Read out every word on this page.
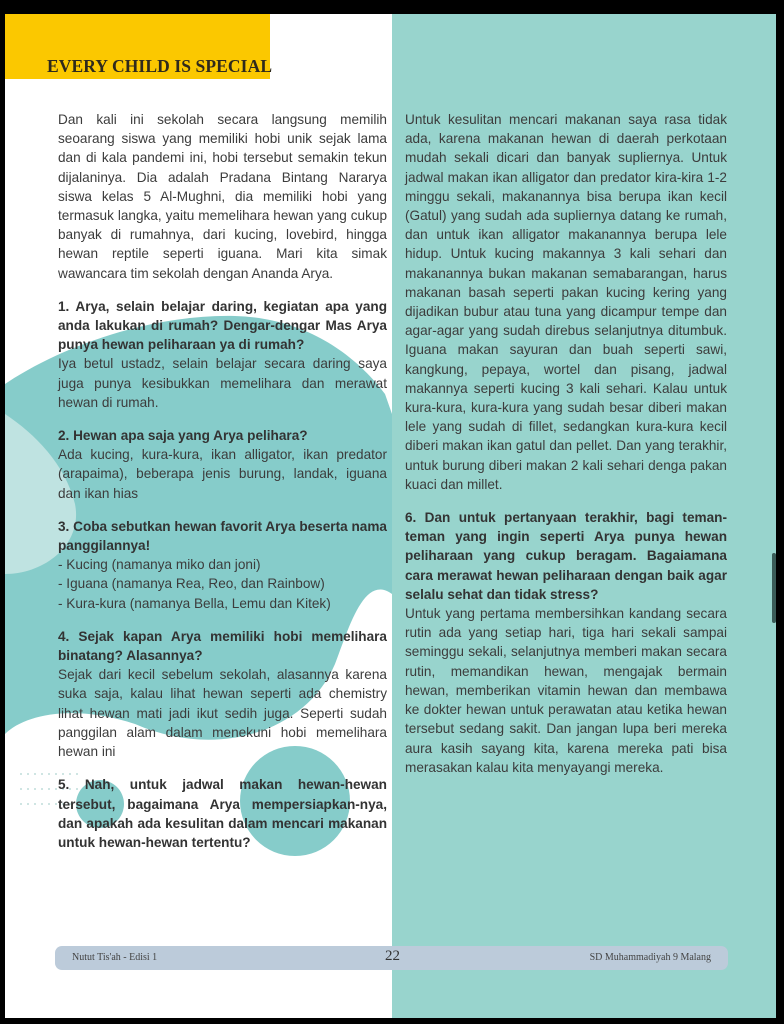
EVERY CHILD IS SPECIAL

Dan kali ini sekolah secara langsung memilih seoarang siswa yang memiliki hobi unik sejak lama dan di kala pandemi ini, hobi tersebut semakin tekun dijalaninya. Dia adalah Pradana Bintang Nararya siswa kelas 5 Al-Mughni, dia memiliki hobi yang termasuk langka, yaitu memelihara hewan yang cukup banyak di rumahnya, dari kucing, lovebird, hingga hewan reptile seperti iguana. Mari kita simak wawancara tim sekolah dengan Ananda Arya.

1. Arya, selain belajar daring, kegiatan apa yang anda lakukan di rumah? Dengar-dengar Mas Arya punya hewan peliharaan ya di rumah?

Iya betul ustadz, selain belajar secara daring saya juga punya kesibukkan memelihara dan merawat hewan di rumah.

2. Hewan apa saja yang Arya pelihara?

Ada kucing, kura-kura, ikan alligator, ikan predator (arapaima), beberapa jenis burung, landak, iguana dan ikan hias

3. Coba sebutkan hewan favorit Arya beserta nama panggilannya!

- Kucing (namanya miko dan joni)

- Iguana (namanya Rea, Reo, dan Rainbow)

- Kura-kura (namanya Bella, Lemu dan Kitek)

4. Sejak kapan Arya memiliki hobi memelihara binatang? Alasannya?

Sejak dari kecil sebelum sekolah, alasannya karena suka saja, kalau lihat hewan seperti ada chemistry lihat hewan mati jadi ikut sedih juga. Seperti sudah panggilan alam dalam menekuni hobi memelihara hewan ini

5. Nah, untuk jadwal makan hewan-hewan tersebut, bagaimana Arya mempersiapkan-nya, dan apakah ada kesulitan dalam mencari makanan untuk hewan-hewan tertentu?

Untuk kesulitan mencari makanan saya rasa tidak ada, karena makanan hewan di daerah perkotaan mudah sekali dicari dan banyak supliernya. Untuk jadwal makan ikan alligator dan predator kira-kira 1-2 minggu sekali, makanannya bisa berupa ikan kecil (Gatul) yang sudah ada supliernya datang ke rumah, dan untuk ikan alligator makanannya berupa lele hidup. Untuk kucing makannya 3 kali sehari dan makanannya bukan makanan semabarangan, harus makanan basah seperti pakan kucing kering yang dijadikan bubur atau tuna yang dicampur tempe dan agar-agar yang sudah direbus selanjutnya ditumbuk. Iguana makan sayuran dan buah seperti sawi, kangkung, pepaya, wortel dan pisang, jadwal makannya seperti kucing 3 kali sehari. Kalau untuk kura-kura, kura-kura yang sudah besar diberi makan lele yang sudah di fillet, sedangkan kura-kura kecil diberi makan ikan gatul dan pellet. Dan yang terakhir, untuk burung diberi makan 2 kali sehari denga pakan kuaci dan millet.

6. Dan untuk pertanyaan terakhir, bagi teman-teman yang ingin seperti Arya punya hewan peliharaan yang cukup beragam. Bagaiamana cara merawat hewan peliharaan dengan baik agar selalu sehat dan tidak stress?

Untuk yang pertama membersihkan kandang secara rutin ada yang setiap hari, tiga hari sekali sampai seminggu sekali, selanjutnya memberi makan secara rutin, memandikan hewan, mengajak bermain hewan, memberikan vitamin hewan dan membawa ke dokter hewan untuk perawatan atau ketika hewan tersebut sedang sakit. Dan jangan lupa beri mereka aura kasih sayang kita, karena mereka pati bisa merasakan kalau kita menyayangi mereka.

Nutut Tis'ah - Edisi 1	22	SD Muhammadiyah 9 Malang
